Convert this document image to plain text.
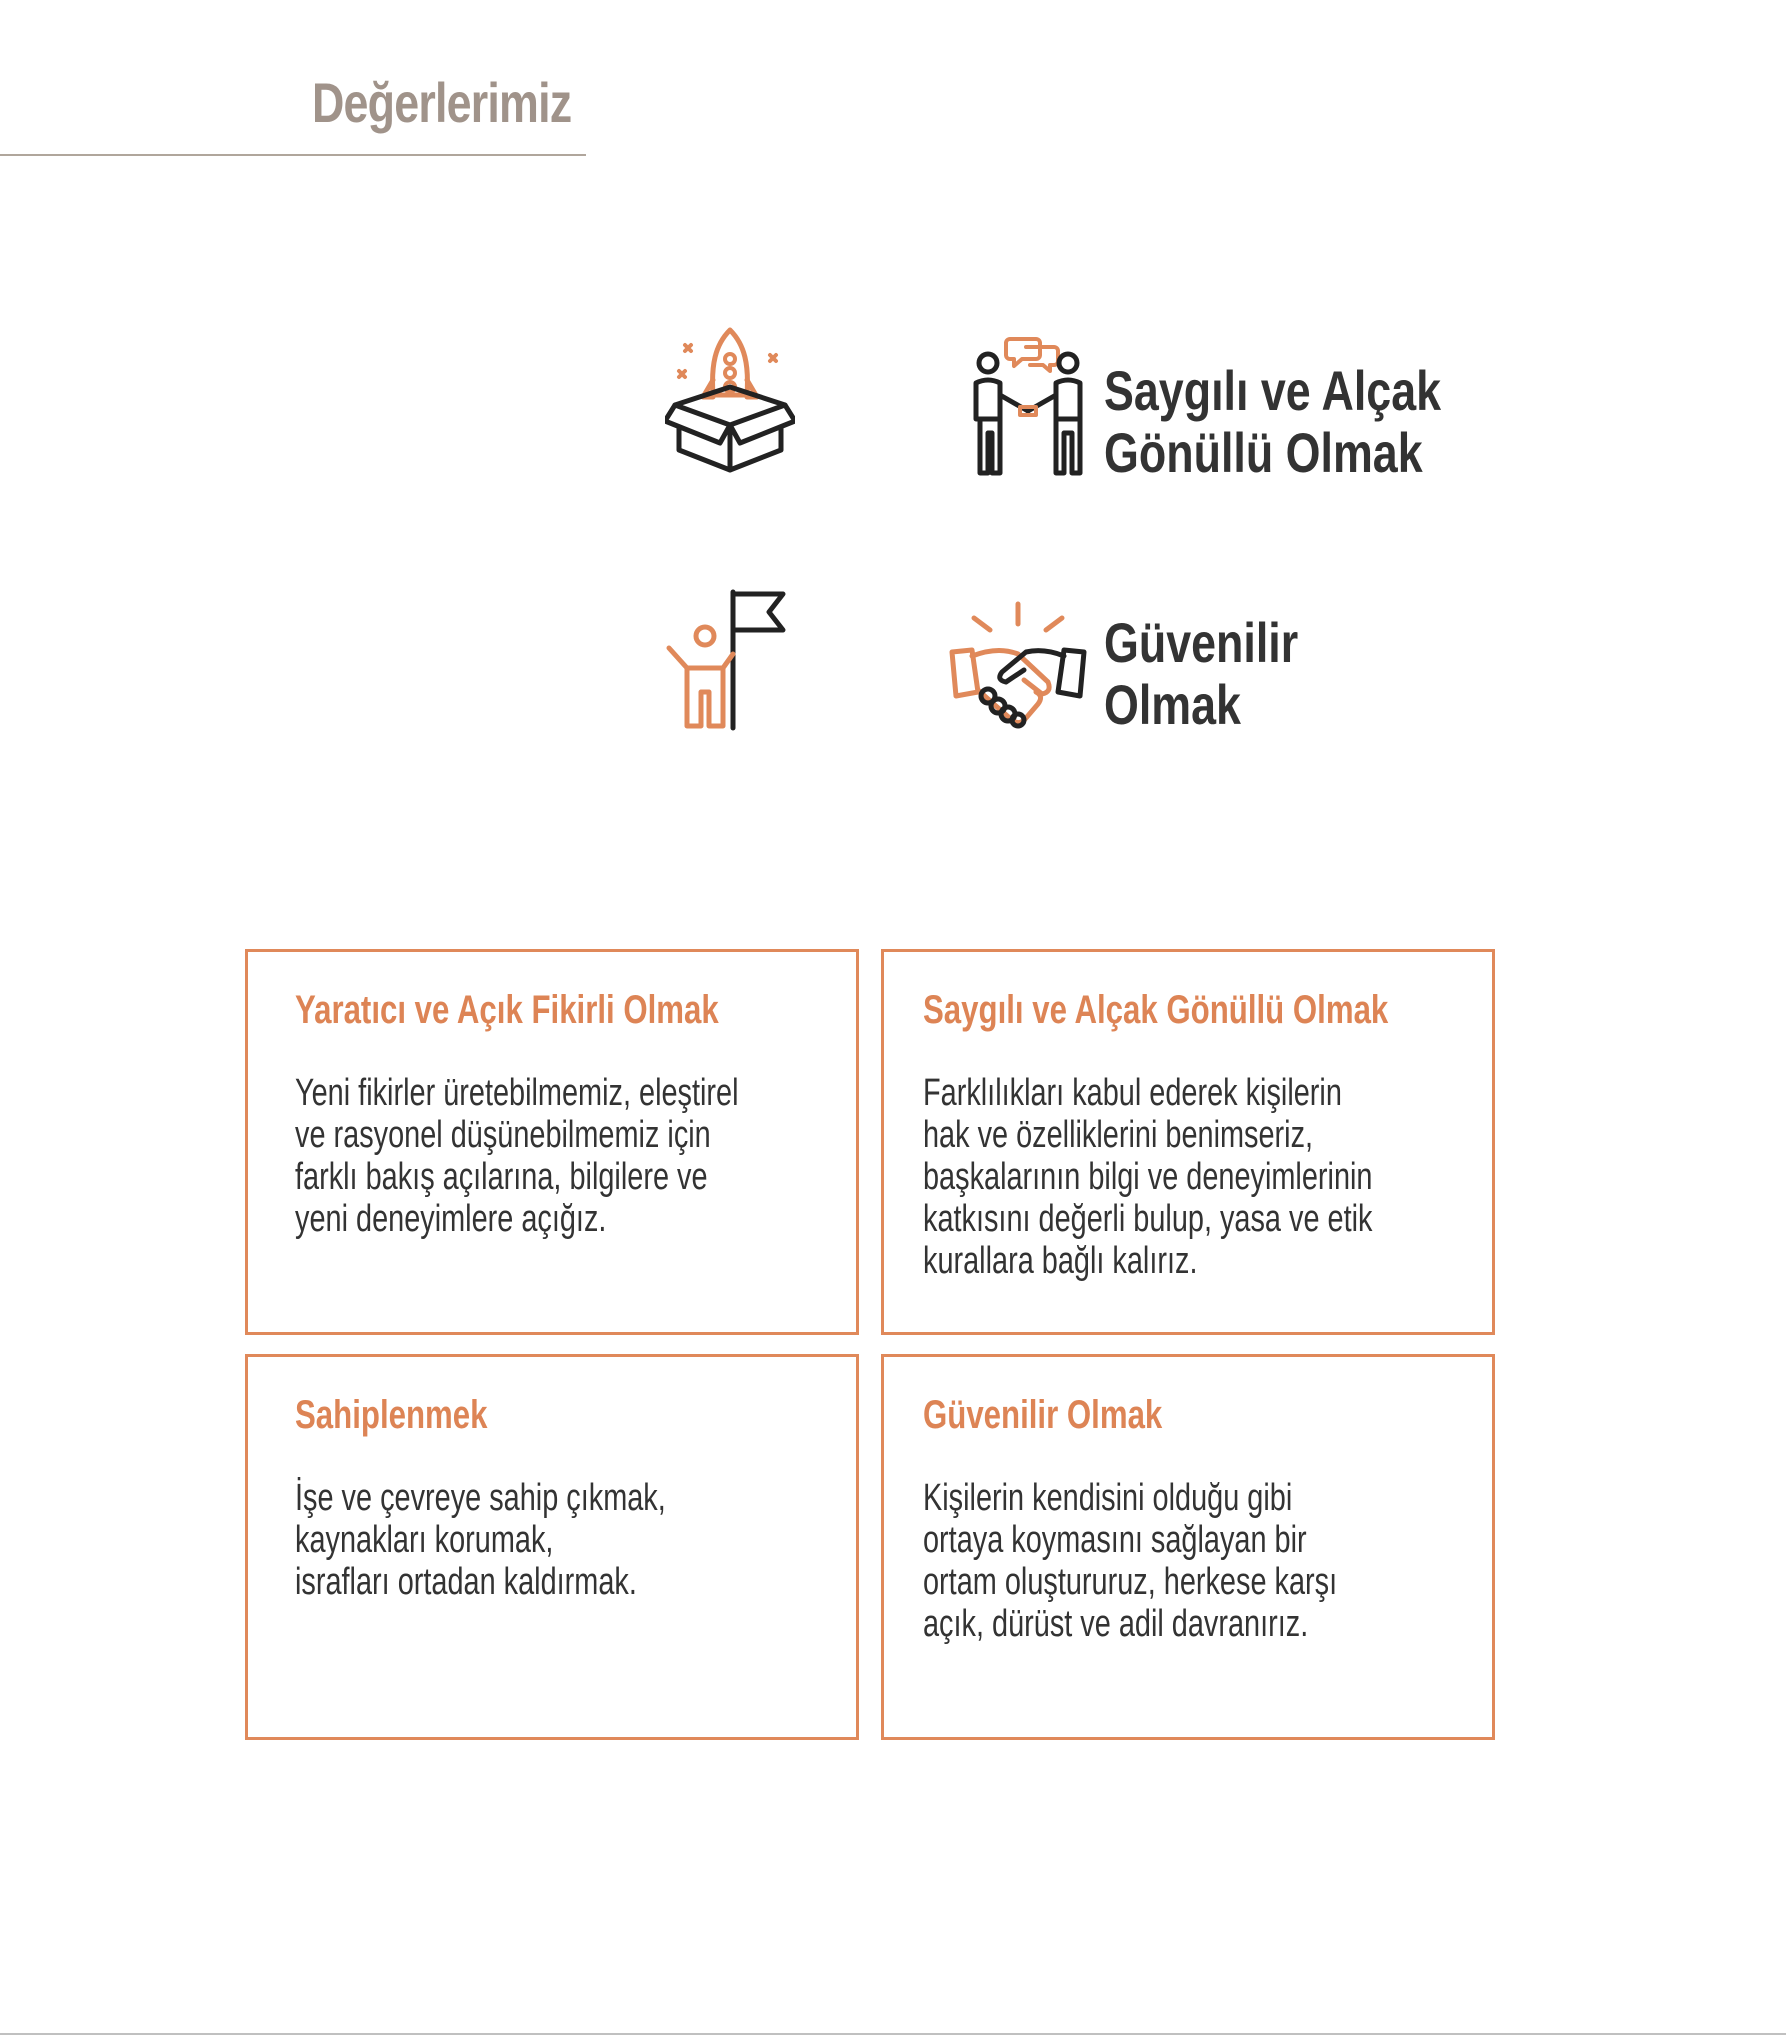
Değerlerimiz
Saygılı ve Alçak
Gönüllü Olmak
Güvenilir
Olmak
Yaratıcı ve Açık Fikirli Olmak
Yeni fikirler üretebilmemiz, eleştirel
ve rasyonel düşünebilmemiz için
farklı bakış açılarına, bilgilere ve
yeni deneyimlere açığız.
Saygılı ve Alçak Gönüllü Olmak
Farklılıkları kabul ederek kişilerin
hak ve özelliklerini benimseriz,
başkalarının bilgi ve deneyimlerinin
katkısını değerli bulup, yasa ve etik
kurallara bağlı kalırız.
Sahiplenmek
İşe ve çevreye sahip çıkmak,
kaynakları korumak,
israfları ortadan kaldırmak.
Güvenilir Olmak
Kişilerin kendisini olduğu gibi
ortaya koymasını sağlayan bir
ortam oluştururuz, herkese karşı
açık, dürüst ve adil davranırız.
